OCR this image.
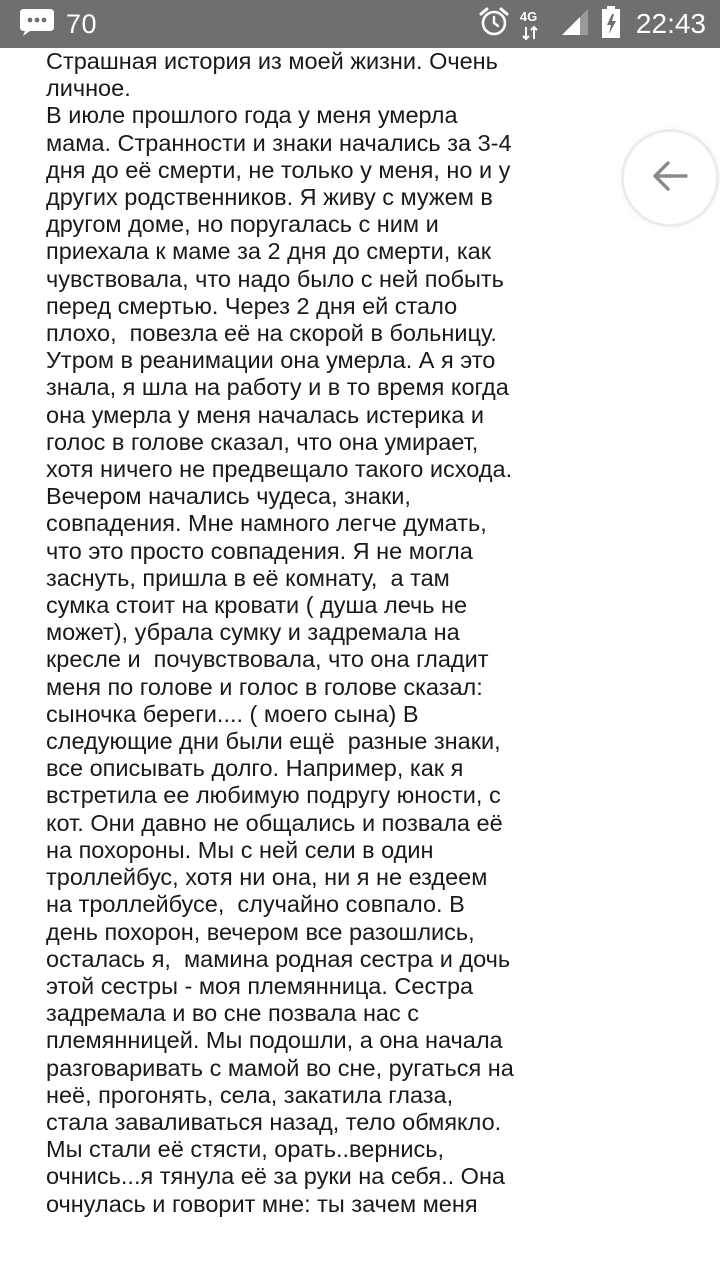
70	4G	22:43

Страшная история из моей жизни. Очень личное.

В июле прошлого года у меня умерла мама. Странности и знаки начались за 3-4 дня до её смерти, не только у меня, но и у других родственников. Я живу с мужем в другом доме, но поругалась с ним и приехала к маме за 2 дня до смерти, как чувствовала, что надо было с ней побыть перед смертью. Через 2 дня ей стало плохо,  повезла её на скорой в больницу. Утром в реанимации она умерла. А я это знала, я шла на работу и в то время когда она умерла у меня началась истерика и голос в голове сказал, что она умирает, хотя ничего не предвещало такого исхода. Вечером начались чудеса, знаки, совпадения. Мне намного легче думать, что это просто совпадения. Я не могла заснуть, пришла в её комнату,  а там сумка стоит на кровати ( душа лечь не может), убрала сумку и задремала на кресле и  почувствовала, что она гладит меня по голове и голос в голове сказал: сыночка береги.... ( моего сына) В следующие дни были ещё  разные знаки, все описывать долго. Например, как я встретила ее любимую подругу юности, с кот. Они давно не общались и позвала её на похороны. Мы с ней сели в один троллейбус, хотя ни она, ни я не ездеем на троллейбусе,  случайно совпало. В день похорон, вечером все разошлись, осталась я,  мамина родная сестра и дочь этой сестры - моя племянница. Сестра задремала и во сне позвала нас с племянницей. Мы подошли, а она начала разговаривать с мамой во сне, ругаться на неё, прогонять, села, закатила глаза, стала заваливаться назад, тело обмякло. Мы стали её стясти, орать..вернись, очнись...я тянула её за руки на себя.. Она очнулась и говорит мне: ты зачем меня
